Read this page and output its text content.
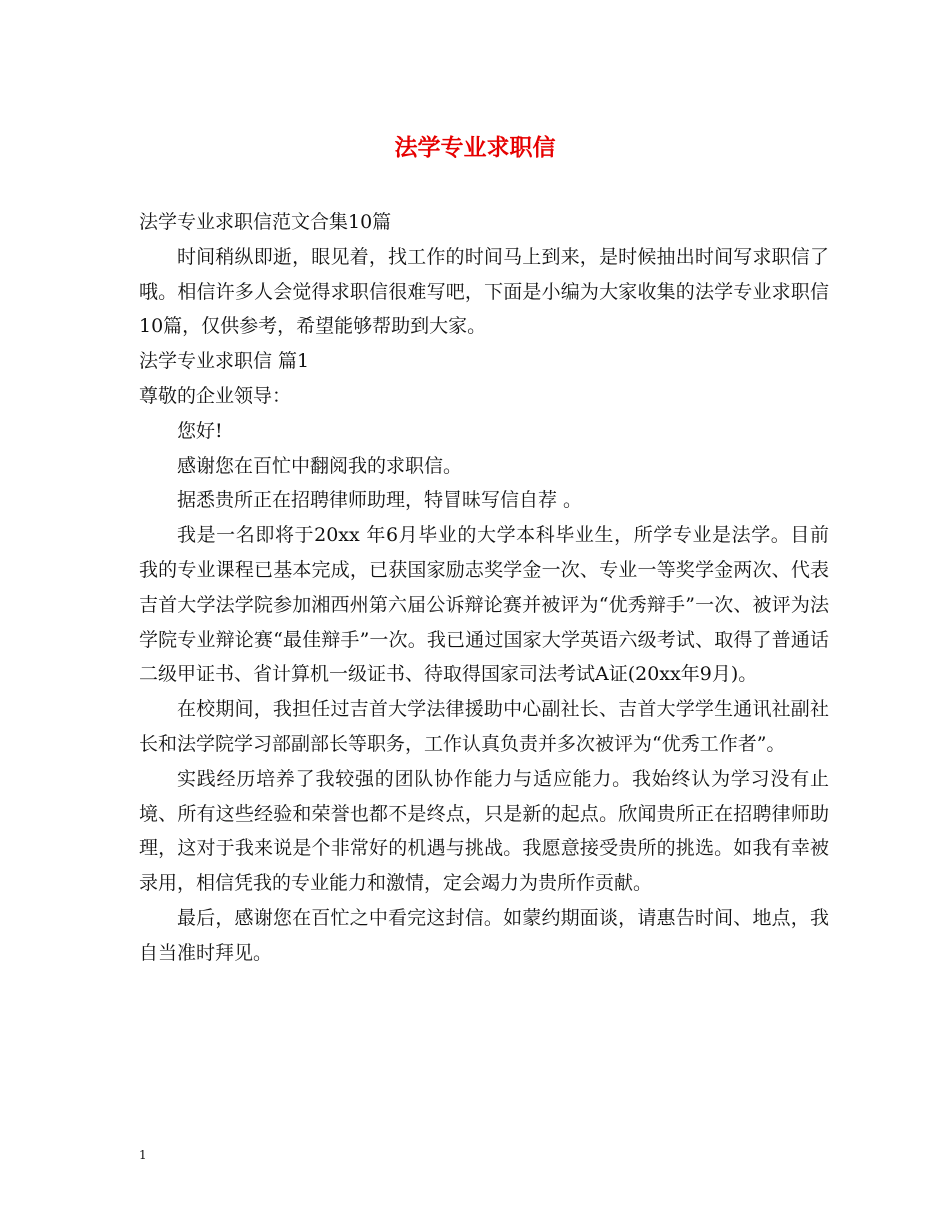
法学专业求职信

法学专业求职信范文合集10篇

时间稍纵即逝，眼见着，找工作的时间马上到来，是时候抽出时间写求职信了哦。相信许多人会觉得求职信很难写吧，下面是小编为大家收集的法学专业求职信10篇，仅供参考，希望能够帮助到大家。

法学专业求职信 篇1

尊敬的企业领导：

您好!

感谢您在百忙中翻阅我的求职信。

据悉贵所正在招聘律师助理，特冒昧写信自荐 。

我是一名即将于20xx 年6月毕业的大学本科毕业生，所学专业是法学。目前我的专业课程已基本完成，已获国家励志奖学金一次、专业一等奖学金两次、代表吉首大学法学院参加湘西州第六届公诉辩论赛并被评为“优秀辩手”一次、被评为法学院专业辩论赛“最佳辩手”一次。我已通过国家大学英语六级考试、取得了普通话二级甲证书、省计算机一级证书、待取得国家司法考试A证(20xx年9月)。

在校期间，我担任过吉首大学法律援助中心副社长、吉首大学学生通讯社副社长和法学院学习部副部长等职务，工作认真负责并多次被评为“优秀工作者”。

实践经历培养了我较强的团队协作能力与适应能力。我始终认为学习没有止境、所有这些经验和荣誉也都不是终点，只是新的起点。欣闻贵所正在招聘律师助理，这对于我来说是个非常好的机遇与挑战。我愿意接受贵所的挑选。如我有幸被录用，相信凭我的专业能力和激情，定会竭力为贵所作贡献。

最后，感谢您在百忙之中看完这封信。如蒙约期面谈，请惠告时间、地点，我自当准时拜见。

1
